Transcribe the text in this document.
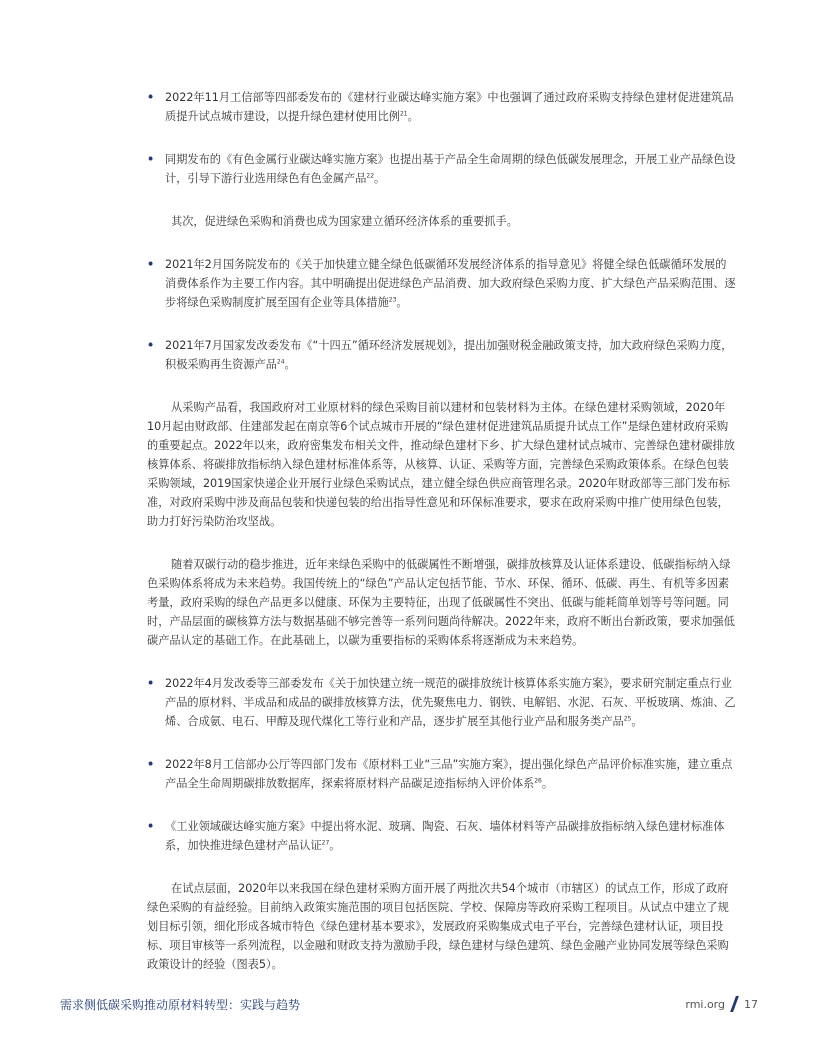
• 2022年11月工信部等四部委发布的《建材行业碳达峰实施方案》中也强调了通过政府采购支持绿色建材促进建筑品质提升试点城市建设，以提升绿色建材使用比例$^{21}$。
• 同期发布的《有色金属行业碳达峰实施方案》也提出基于产品全生命周期的绿色低碳发展理念，开展工业产品绿色设计，引导下游行业选用绿色有色金属产品$^{22}$。
其次，促进绿色采购和消费也成为国家建立循环经济体系的重要抓手。
• 2021年2月国务院发布的《关于加快建立健全绿色低碳循环发展经济体系的指导意见》将健全绿色低碳循环发展的消费体系作为主要工作内容。其中明确提出促进绿色产品消费、加大政府绿色采购力度、扩大绿色产品采购范围、逐步将绿色采购制度扩展至国有企业等具体措施$^{23}$。
• 2021年7月国家发改委发布《“十四五”循环经济发展规划》，提出加强财税金融政策支持，加大政府绿色采购力度，积极采购再生资源产品$^{24}$。
从采购产品看，我国政府对工业原材料的绿色采购目前以建材和包装材料为主体。在绿色建材采购领域，2020年10月起由财政部、住建部发起在南京等6个试点城市开展的“绿色建材促进建筑品质提升试点工作”是绿色建材政府采购的重要起点。2022年以来，政府密集发布相关文件，推动绿色建材下乡、扩大绿色建材试点城市、完善绿色建材碳排放核算体系、将碳排放指标纳入绿色建材标准体系等，从核算、认证、采购等方面，完善绿色采购政策体系。在绿色包装采购领域，2019国家快递企业开展行业绿色采购试点，建立健全绿色供应商管理名录。2020年财政部等三部门发布标准，对政府采购中涉及商品包装和快递包装的给出指导性意见和环保标准要求，要求在政府采购中推广使用绿色包装，助力打好污染防治攻坚战。
随着双碳行动的稳步推进，近年来绿色采购中的低碳属性不断增强，碳排放核算及认证体系建设、低碳指标纳入绿色采购体系将成为未来趋势。我国传统上的“绿色”产品认定包括节能、节水、环保、循环、低碳、再生、有机等多因素考量，政府采购的绿色产品更多以健康、环保为主要特征，出现了低碳属性不突出、低碳与能耗简单划等号等问题。同时，产品层面的碳核算方法与数据基础不够完善等一系列问题尚待解决。2022年来，政府不断出台新政策，要求加强低碳产品认定的基础工作。在此基础上，以碳为重要指标的采购体系将逐渐成为未来趋势。
• 2022年4月发改委等三部委发布《关于加快建立统一规范的碳排放统计核算体系实施方案》，要求研究制定重点行业产品的原材料、半成品和成品的碳排放核算方法，优先聚焦电力、钢铁、电解铝、水泥、石灰、平板玻璃、炼油、乙烯、合成氨、电石、甲醇及现代煤化工等行业和产品，逐步扩展至其他行业产品和服务类产品$^{25}$。
• 2022年8月工信部办公厅等四部门发布《原材料工业“三品”实施方案》，提出强化绿色产品评价标准实施，建立重点产品全生命周期碳排放数据库，探索将原材料产品碳足迹指标纳入评价体系$^{26}$。
• 《工业领域碳达峰实施方案》中提出将水泥、玻璃、陶瓷、石灰、墙体材料等产品碳排放指标纳入绿色建材标准体系，加快推进绿色建材产品认证$^{27}$。
在试点层面，2020年以来我国在绿色建材采购方面开展了两批次共54个城市（市辖区）的试点工作，形成了政府绿色采购的有益经验。目前纳入政策实施范围的项目包括医院、学校、保障房等政府采购工程项目。从试点中建立了规划目标引领，细化形成各城市特色《绿色建材基本要求》，发展政府采购集成式电子平台，完善绿色建材认证，项目投标、项目审核等一系列流程，以金融和财政支持为激励手段，绿色建材与绿色建筑、绿色金融产业协同发展等绿色采购政策设计的经验（图表5）。
需求侧低碳采购推动原材料转型：实践与趋势	rmi.org 17
